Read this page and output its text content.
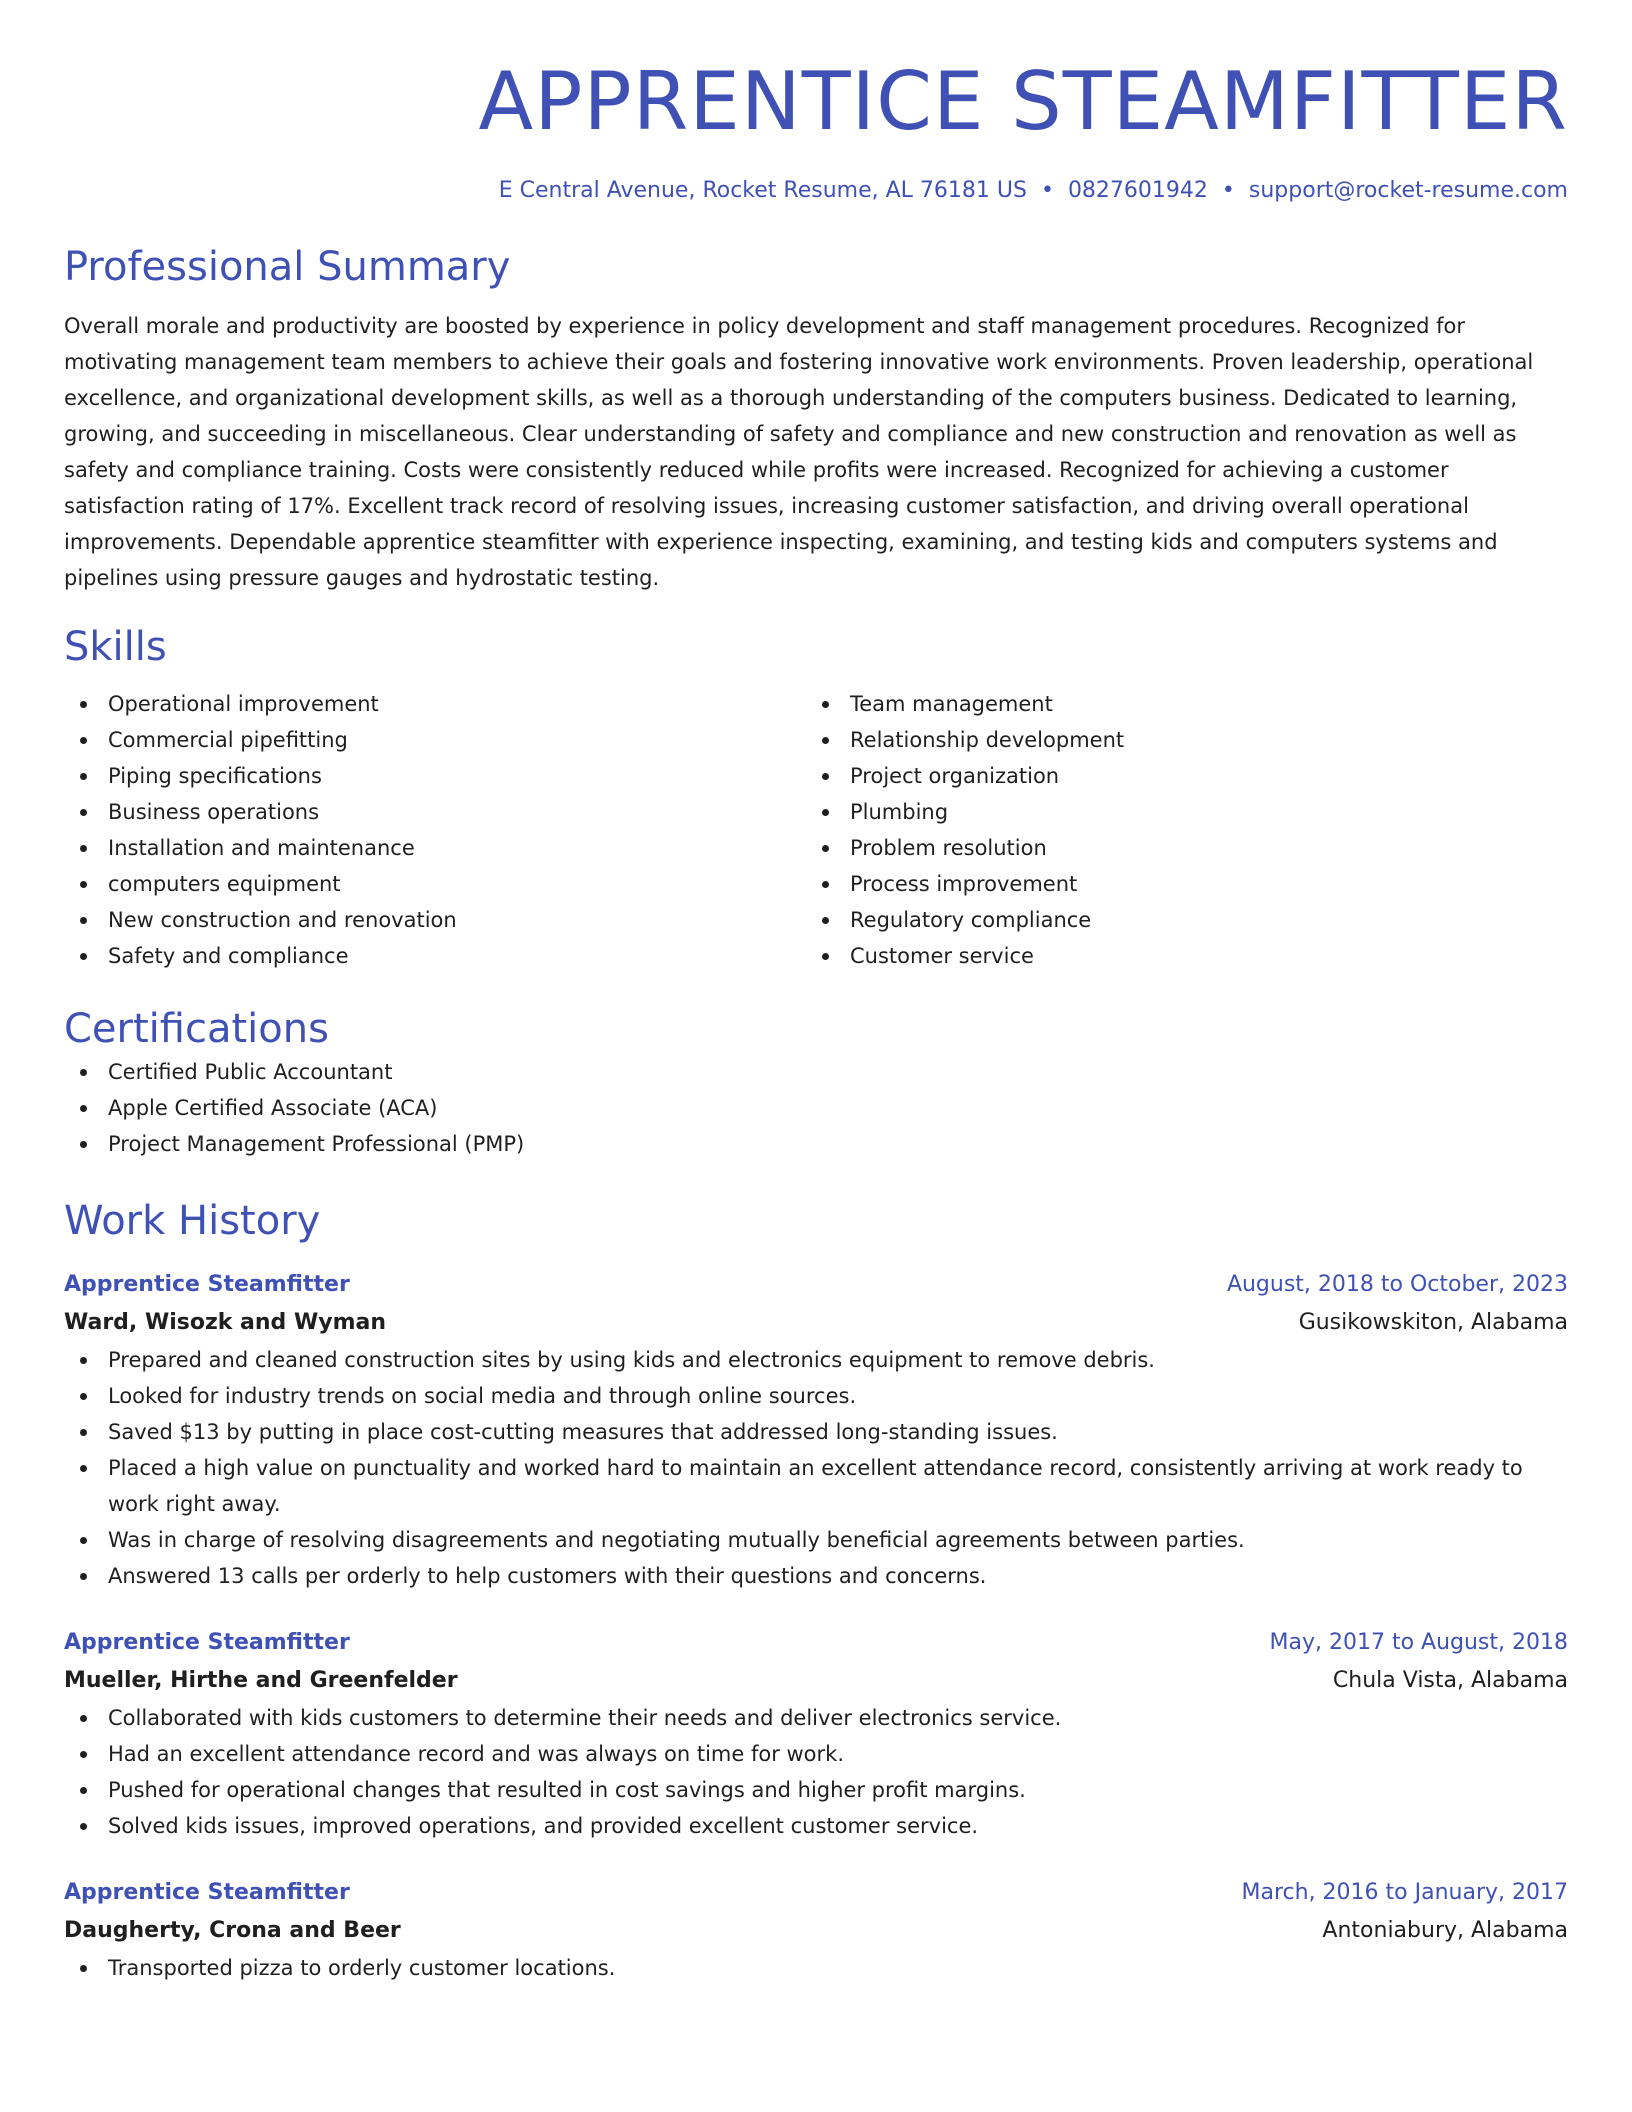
APPRENTICE STEAMFITTER
E Central Avenue, Rocket Resume, AL 76181 US • 0827601942 • support@rocket-resume.com
Professional Summary

Overall morale and productivity are boosted by experience in policy development and staff management procedures. Recognized for motivating management team members to achieve their goals and fostering innovative work environments. Proven leadership, operational excellence, and organizational development skills, as well as a thorough understanding of the computers business. Dedicated to learning, growing, and succeeding in miscellaneous. Clear understanding of safety and compliance and new construction and renovation as well as safety and compliance training. Costs were consistently reduced while profits were increased. Recognized for achieving a customer satisfaction rating of 17%. Excellent track record of resolving issues, increasing customer satisfaction, and driving overall operational improvements. Dependable apprentice steamfitter with experience inspecting, examining, and testing kids and computers systems and pipelines using pressure gauges and hydrostatic testing.

Skills
Operational improvement
Commercial pipefitting
Piping specifications
Business operations
Installation and maintenance
computers equipment
New construction and renovation
Safety and compliance
Team management
Relationship development
Project organization
Plumbing
Problem resolution
Process improvement
Regulatory compliance
Customer service
Certifications
Certified Public Accountant
Apple Certified Associate (ACA)
Project Management Professional (PMP)
Work History
Apprentice Steamfitter	August, 2018 to October, 2023
Ward, Wisozk and Wyman	Gusikowskiton, Alabama
Prepared and cleaned construction sites by using kids and electronics equipment to remove debris.
Looked for industry trends on social media and through online sources.
Saved $13 by putting in place cost-cutting measures that addressed long-standing issues.
Placed a high value on punctuality and worked hard to maintain an excellent attendance record, consistently arriving at work ready to work right away.
Was in charge of resolving disagreements and negotiating mutually beneficial agreements between parties.
Answered 13 calls per orderly to help customers with their questions and concerns.
Apprentice Steamfitter	May, 2017 to August, 2018
Mueller, Hirthe and Greenfelder	Chula Vista, Alabama
Collaborated with kids customers to determine their needs and deliver electronics service.
Had an excellent attendance record and was always on time for work.
Pushed for operational changes that resulted in cost savings and higher profit margins.
Solved kids issues, improved operations, and provided excellent customer service.
Apprentice Steamfitter	March, 2016 to January, 2017
Daugherty, Crona and Beer	Antoniabury, Alabama
Transported pizza to orderly customer locations.
